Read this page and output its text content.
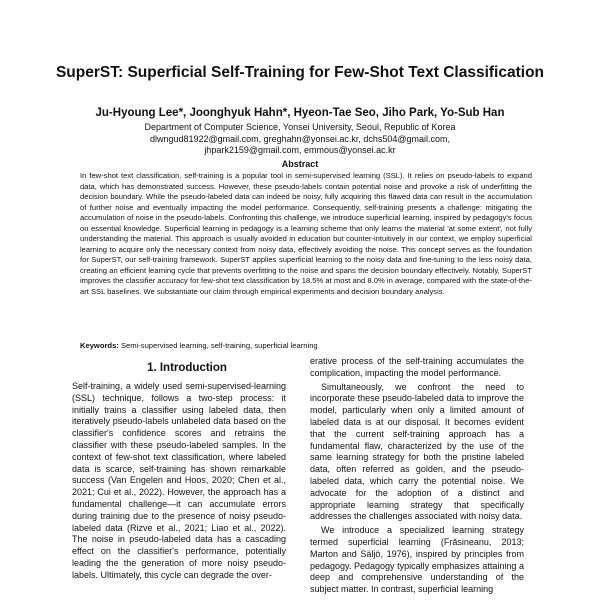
SuperST: Superficial Self-Training for Few-Shot Text Classification
Ju-Hyoung Lee*, Joonghyuk Hahn*, Hyeon-Tae Seo, Jiho Park, Yo-Sub Han
Department of Computer Science, Yonsei University, Seoul, Republic of Korea
dlwngud81922@gmail.com, greghahn@yonsei.ac.kr, dchs504@gmail.com,
jhpark2159@gmail.com, emmous@yonsei.ac.kr
Abstract

In few-shot text classification, self-training is a popular tool in semi-supervised learning (SSL). It relies on pseudo-labels to expand data, which has demonstrated success. However, these pseudo-labels contain potential noise and provoke a risk of underfitting the decision boundary. While the pseudo-labeled data can indeed be noisy, fully acquiring this flawed data can result in the accumulation of further noise and eventually impacting the model performance. Consequently, self-training presents a challenge: mitigating the accumulation of noise in the pseudo-labels. Confronting this challenge, we introduce superficial learning, inspired by pedagogy's focus on essential knowledge. Superficial learning in pedagogy is a learning scheme that only learns the material 'at some extent', not fully understanding the material. This approach is usually avoided in education but counter-intuitively in our context, we employ superficial learning to acquire only the necessary context from noisy data, effectively avoiding the noise. This concept serves as the foundation for SuperST, our self-training framework. SuperST applies superficial learning to the noisy data and fine-tuning to the less noisy data, creating an efficient learning cycle that prevents overfitting to the noise and spans the decision boundary effectively. Notably, SuperST improves the classifier accuracy for few-shot text classification by 18.5% at most and 8.0% in average, compared with the state-of-the-art SSL baselines. We substantiate our claim through empirical experiments and decision boundary analysis.

Keywords: Semi-supervised learning, self-training, superficial learning

1. Introduction

Self-training, a widely used semi-supervised-learning (SSL) technique, follows a two-step process: it initially trains a classifier using labeled data, then iteratively pseudo-labels unlabeled data based on the classifier's confidence scores and retrains the classifier with these pseudo-labeled samples. In the context of few-shot text classification, where labeled data is scarce, self-training has shown remarkable success (Van Engelen and Hoos, 2020; Chen et al., 2021; Cui et al., 2022). However, the approach has a fundamental challenge—it can accumulate errors during training due to the presence of noisy pseudo-labeled data (Rizve et al., 2021; Liao et al., 2022). The noise in pseudo-labeled data has a cascading effect on the classifier's performance, potentially leading the the generation of more noisy pseudo-labels. Ultimately, this cycle can degrade the over-

erative process of the self-training accumulates the complication, impacting the model performance.

Simultaneously, we confront the need to incorporate these pseudo-labeled data to improve the model, particularly when only a limited amount of labeled data is at our disposal. It becomes evident that the current self-training approach has a fundamental flaw, characterized by the use of the same learning strategy for both the pristine labeled data, often referred as golden, and the pseudo-labeled data, which carry the potential noise. We advocate for the adoption of a distinct and appropriate learning strategy that specifically addresses the challenges associated with noisy data.

We introduce a specialized learning strategy termed superficial learning (Frăsineanu, 2013; Marton and Säljö, 1976), inspired by principles from pedagogy. Pedagogy typically emphasizes attaining a deep and comprehensive understanding of the subject matter. In contrast, superficial learning
